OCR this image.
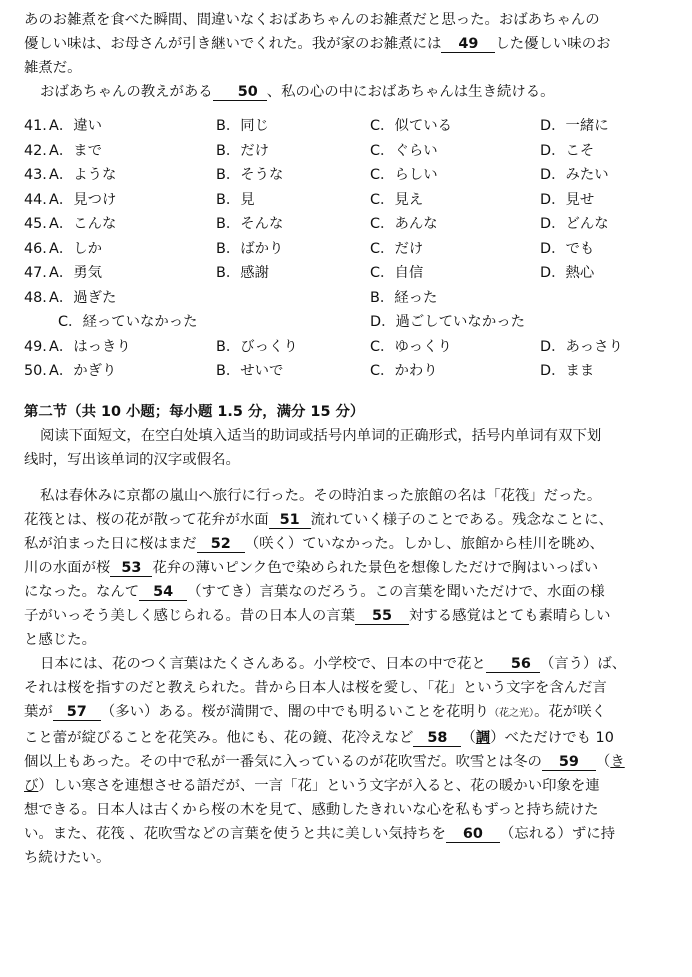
あのお雑煮を食べた瞬間、間違いなくおばあちゃんのお雑煮だと思った。おばあちゃんの

優しい味は、お母さんが引き継いでくれた。我が家のお雑煮には 49 した優しい味のお

雑煮だ。

おばあちゃんの教えがある 50 、私の心の中におばあちゃんは生き続ける。

41. A．違い	B．同じ	C．似ている	D．一緒に
42. A．まで	B．だけ	C．ぐらい	D．こそ
43. A．ような	B．そうな	C．らしい	D．みたい
44. A．見つけ	B．見	C．見え	D．見せ
45. A．こんな	B．そんな	C．あんな	D．どんな
46. A．しか	B．ばかり	C．だけ	D．でも
47. A．勇気	B．感謝	C．自信	D．熱心
48. A．過ぎた	B．経った
C．経っていなかった	D．過ごしていなかった
49. A．はっきり	B．びっくり	C．ゆっくり	D．あっさり
50. A．かぎり	B．せいで	C．かわり	D．まま
第二节（共 10 小题；每小题 1.5 分，满分 15 分）

阅读下面短文，在空白处填入适当的助词或括号内单词的正确形式，括号内单词有双下划

线时，写出该单词的汉字或假名。

私は春休みに京都の嵐山へ旅行に行った。その時泊まった旅館の名は「花筏」だった。

花筏とは、桜の花が散って花弁が水面 51 流れていく様子のことである。残念なことに、

私が泊まった日に桜はまだ 52 （咲く）ていなかった。しかし、旅館から桂川を眺め、

川の水面が桜 53 花弁の薄いピンク色で染められた景色を想像しただけで胸はいっぱい

になった。なんて 54 （すてき）言葉なのだろう。この言葉を聞いただけで、水面の様

子がいっそう美しく感じられる。昔の日本人の言葉 55 対する感覚はとても素晴らしい

と感じた。

日本には、花のつく言葉はたくさんある。小学校で、日本の中で花と 56 （言う）ば、

それは桜を指すのだと教えられた。昔から日本人は桜を愛し、「花」という文字を含んだ言

葉が 57 （多い）ある。桜が満開で、闇の中でも明るいことを花明り（花之光）。花が咲く

こと蕾が綻びることを花笑み。他にも、花の鏡、花冷えなど 58 （調）べただけでも 10

個以上もあった。その中で私が一番気に入っているのが花吹雪だ。吹雪とは冬の 59 （き

び）しい寒さを連想させる語だが、一言「花」という文字が入ると、花の暖かい印象を連

想できる。日本人は古くから桜の木を見て、感動したきれいな心を私もずっと持ち続けた

い。また、花筏 、花吹雪などの言葉を使うと共に美しい気持ちを 60 （忘れる）ずに持

ち続けたい。
